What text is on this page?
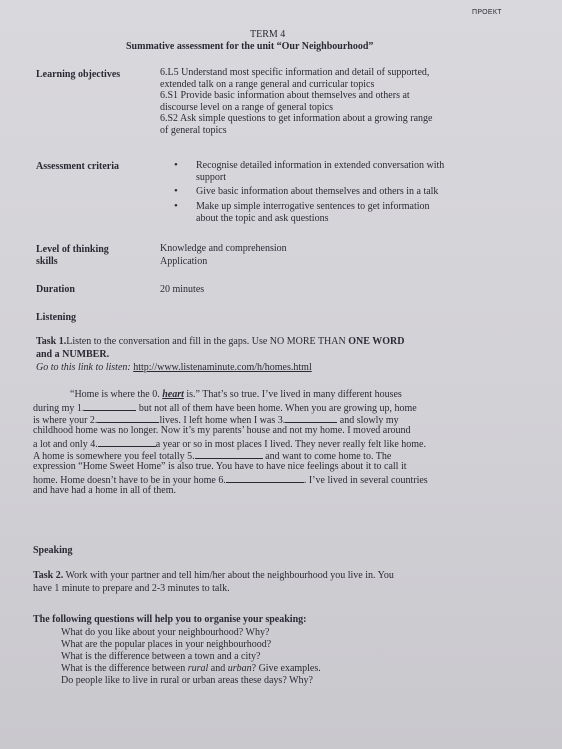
ПРОЕКТ
TERM 4
Summative assessment for the unit “Our Neighbourhood”
Learning objectives	6.L5 Understand most specific information and detail of supported,
extended talk on a range general and curricular topics
6.S1 Provide basic information about themselves and others at
discourse level on a range of general topics
6.S2 Ask simple questions to get information about a growing range
of general topics
Assessment criteria
•	Recognise detailed information in extended conversation with
support
• Give basic information about themselves and others in a talk
• Make up simple interrogative sentences to get information
about the topic and ask questions
Level of thinking
skills
Knowledge and comprehension
Application
Duration	20 minutes
Listening
Task 1.Listen to the conversation and fill in the gaps. Use NO MORE THAN ONE WORD
and a NUMBER.
Go to this link to listen: http://www.listenaminute.com/h/homes.html
“Home is where the 0. heart is.” That’s so true. I’ve lived in many different houses
during my 1.	but not all of them have been home. When you are growing up, home
is where your 2.	lives. I left home when I was 3.	and slowly my
childhood home was no longer. Now it’s my parents’ house and not my home. I moved around
a lot and only 4.	a year or so in most places I lived. They never really felt like home.
A home is somewhere you feel totally 5.	and want to come home to. The
expression “Home Sweet Home” is also true. You have to have nice feelings about it to call it
home. Home doesn’t have to be in your home 6.	. I’ve lived in several countries
and have had a home in all of them.
Speaking
Task 2. Work with your partner and tell him/her about the neighbourhood you live in. You
have 1 minute to prepare and 2-3 minutes to talk.
The following questions will help you to organise your speaking:
What do you like about your neighbourhood? Why?
What are the popular places in your neighbourhood?
What is the difference between a town and a city?
What is the difference between rural and urban? Give examples.
Do people like to live in rural or urban areas these days? Why?
